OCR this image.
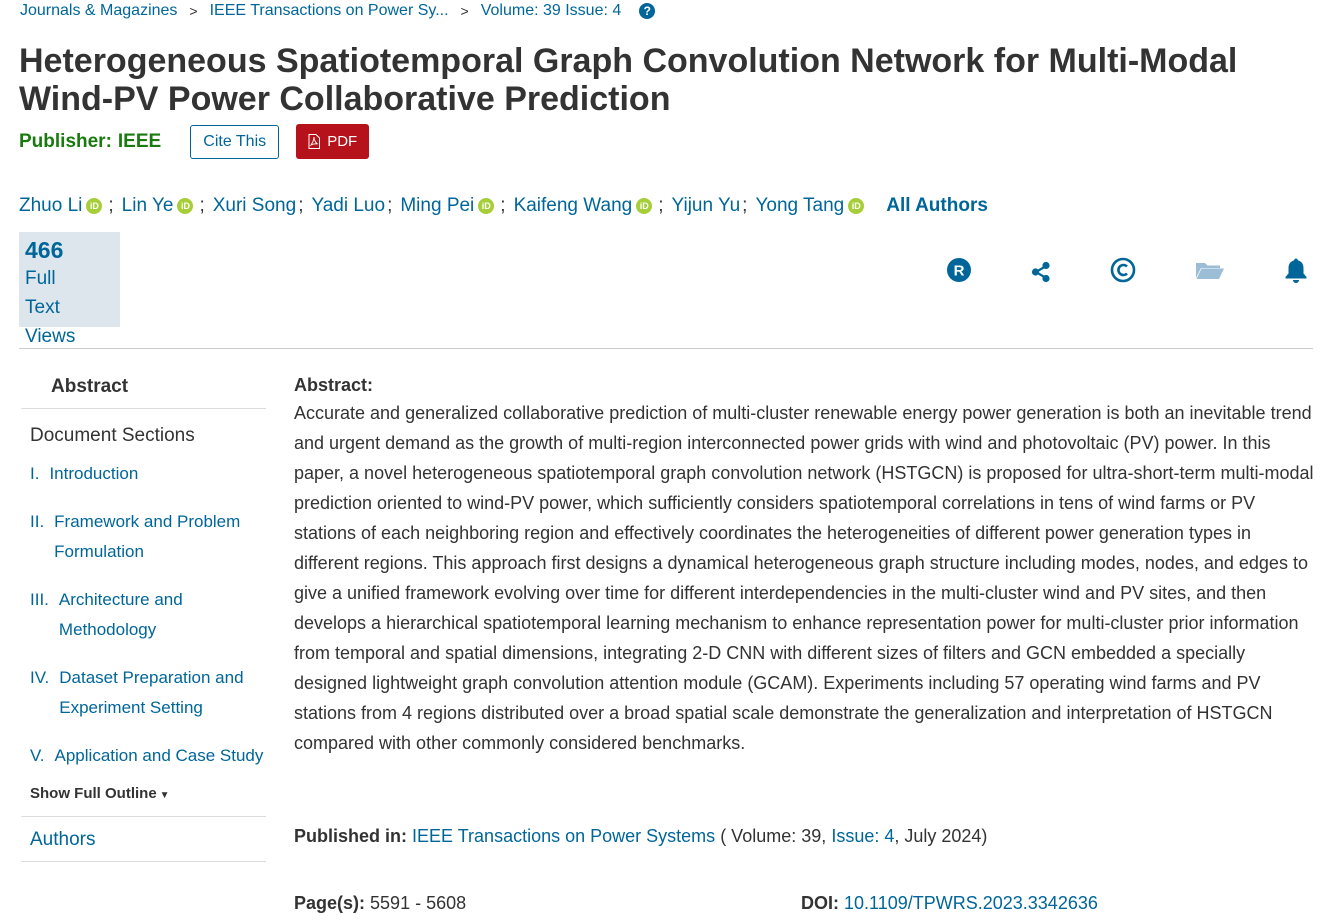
Journals & Magazines > IEEE Transactions on Power Sy... > Volume: 39 Issue: 4	?
Heterogeneous Spatiotemporal Graph Convolution Network for Multi-Modal Wind-PV Power Collaborative Prediction
Publisher: IEEE	Cite This	PDF
Zhuo Li iD ; Lin Ye iD ; Xuri Song ; Yadi Luo ; Ming Pei iD ; Kaifeng Wang iD ; Yijun Yu ; Yong Tang iD All Authors
466
Full
Text Views
R
Abstract
Document Sections
I. Introduction
II. Framework and Problem Formulation
III. Architecture and Methodology
IV. Dataset Preparation and Experiment Setting
V. Application and Case Study
Show Full Outline ▼
Authors
Abstract:

Accurate and generalized collaborative prediction of multi-cluster renewable energy power generation is both an inevitable trend and urgent demand as the growth of multi-region interconnected power grids with wind and photovoltaic (PV) power. In this paper, a novel heterogeneous spatiotemporal graph convolution network (HSTGCN) is proposed for ultra-short-term multi-modal prediction oriented to wind-PV power, which sufficiently considers spatiotemporal correlations in tens of wind farms or PV stations of each neighboring region and effectively coordinates the heterogeneities of different power generation types in different regions. This approach first designs a dynamical heterogeneous graph structure including modes, nodes, and edges to give a unified framework evolving over time for different interdependencies in the multi-cluster wind and PV sites, and then develops a hierarchical spatiotemporal learning mechanism to enhance representation power for multi-cluster prior information from temporal and spatial dimensions, integrating 2-D CNN with different sizes of filters and GCN embedded a specially designed lightweight graph convolution attention module (GCAM). Experiments including 57 operating wind farms and PV stations from 4 regions distributed over a broad spatial scale demonstrate the generalization and interpretation of HSTGCN compared with other commonly considered benchmarks.

Published in: IEEE Transactions on Power Systems ( Volume: 39, Issue: 4, July 2024)
Page(s): 5591 - 5608	DOI: 10.1109/TPWRS.2023.3342636
